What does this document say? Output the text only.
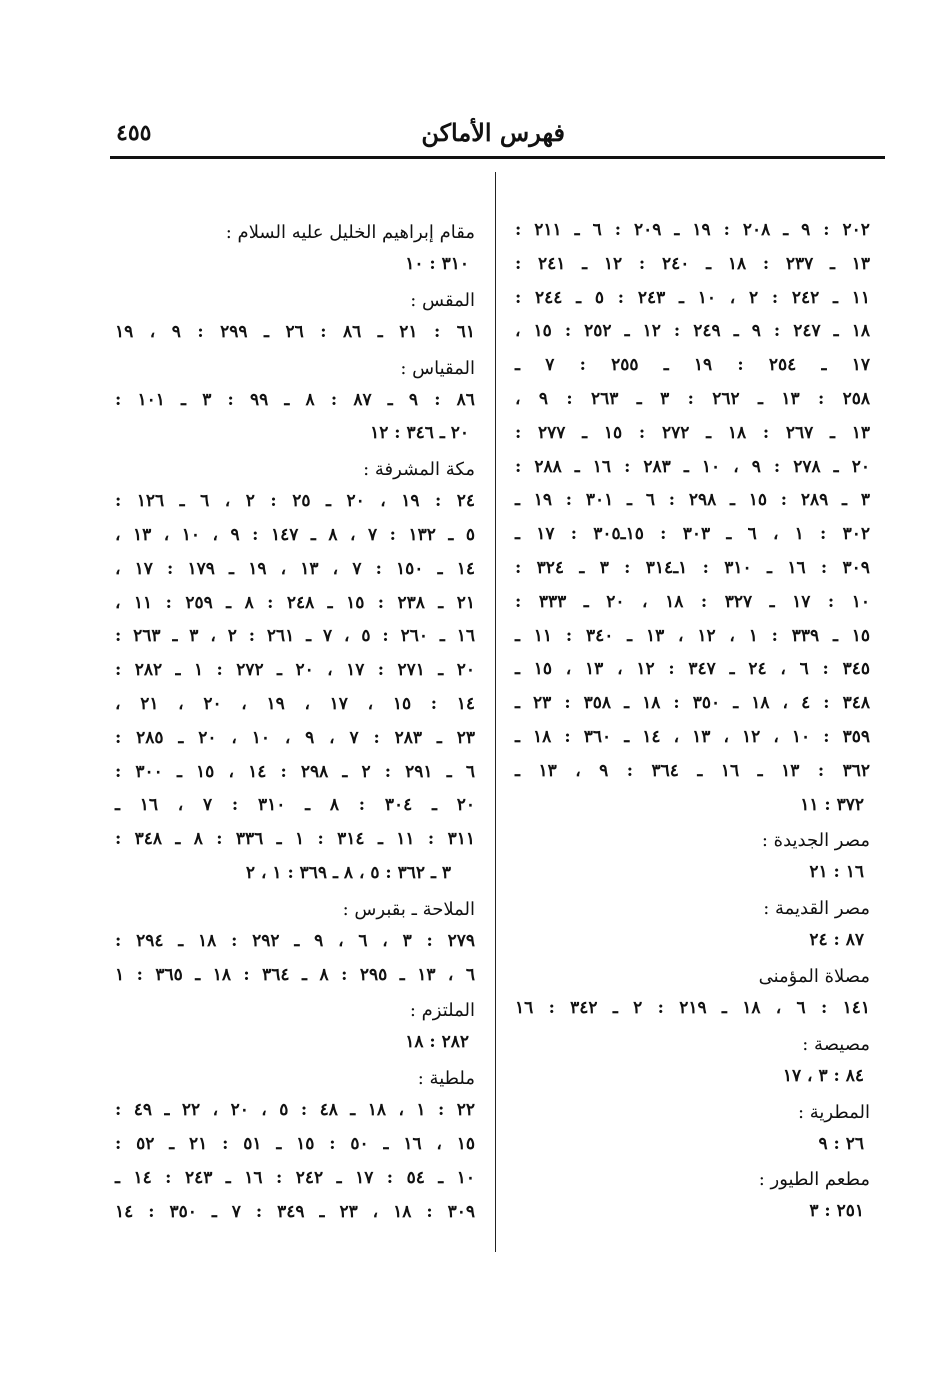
٤٥٥	فهرس الأماكن
٢٠٢ : ٩ ـ ٢٠٨ : ١٩ ـ ٢٠٩ : ٦ ـ ٢١١ :
١٣ ـ ٢٣٧ : ١٨ ـ ٢٤٠ : ١٢ ـ ٢٤١ :
١١ ـ ٢٤٢ : ٢ ، ١٠ ـ ٢٤٣ : ٥ ـ ٢٤٤ :
١٨ ـ ٢٤٧ : ٩ ـ ٢٤٩ : ١٢ ـ ٢٥٢ : ١٥ ،
١٧ ـ ٢٥٤ : ١٩ ـ ٢٥٥ : ٧ ـ
٢٥٨ : ١٣ ـ ٢٦٢ : ٣ ـ ٢٦٣ : ٩ ،
١٣ ـ ٢٦٧ : ١٨ ـ ٢٧٢ : ١٥ ـ ٢٧٧ :
٢٠ ـ ٢٧٨ : ٩ ، ١٠ ـ ٢٨٣ : ١٦ ـ ٢٨٨ :
٣ ـ ٢٨٩ : ١٥ ـ ٢٩٨ : ٦ ـ ٣٠١ : ١٩ ـ
٣٠٢ : ١ ، ٦ ـ ٣٠٣ : ١٥ـ٣٠٥ : ١٧ ـ
٣٠٩ : ١٦ ـ ٣١٠ : ١ـ٣١٤ : ٣ ـ ٣٢٤ :
١٠ : ١٧ ـ ٣٢٧ : ١٨ ، ٢٠ ـ ٣٣٣ :
١٥ ـ ٣٣٩ : ١ ، ١٢ ، ١٣ ـ ٣٤٠ : ١١ ـ
٣٤٥ : ٦ ، ٢٤ ـ ٣٤٧ : ١٢ ، ١٣ ، ١٥ ـ
٣٤٨ : ٤ ، ١٨ ـ ٣٥٠ : ١٨ ـ ٣٥٨ : ٢٣ ـ
٣٥٩ : ١٠ ، ١٢ ، ١٣ ، ١٤ ـ ٣٦٠ : ١٨ ـ
٣٦٢ : ١٣ ـ ١٦ ـ ٣٦٤ : ٩ ، ١٣ ـ
٣٧٢ : ١١
مصر الجديدة :
١٦ : ٢١
مصر القديمة :
٨٧ : ٢٤
مصلاة المؤمنى
١٤١ : ٦ ، ١٨ ـ ٢١٩ : ٢ ـ ٣٤٢ : ١٦
مصيصة :
٨٤ : ٣ ، ١٧
المطرية :
٢٦ : ٩
مطعم الطيور :
٢٥١ : ٣
مقام إبراهيم الخليل عليه السلام :
٣١٠ : ١٠
المقس :
٦١ : ٢١ ـ ٨٦ : ٢٦ ـ ٢٩٩ : ٩ ، ١٩
المقياس :
٨٦ : ٩ ـ ٨٧ : ٨ ـ ٩٩ : ٣ ـ ١٠١ :
٢٠ ـ ٣٤٦ : ١٢
مكة المشرفة :
٢٤ : ١٩ ، ٢٠ ـ ٢٥ : ٢ ، ٦ ـ ١٢٦ :
٥ ـ ١٣٢ : ٧ ، ٨ ـ ١٤٧ : ٩ ، ١٠ ، ١٣ ،
١٤ ـ ١٥٠ : ٧ ، ١٣ ، ١٩ ـ ١٧٩ : ١٧ ،
٢١ ـ ٢٣٨ : ١٥ ـ ٢٤٨ : ٨ ـ ٢٥٩ : ١١ ،
١٦ ـ ٢٦٠ : ٥ ، ٧ ـ ٢٦١ : ٢ ، ٣ ـ ٢٦٣ :
٢٠ ـ ٢٧١ : ١٧ ، ٢٠ ـ ٢٧٢ : ١ ـ ٢٨٢ :
١٤ : ١٥ ، ١٧ ، ١٩ ، ٢٠ ، ٢١ ،
٢٣ ـ ٢٨٣ : ٧ ، ٩ ، ١٠ ، ٢٠ ـ ٢٨٥ :
٦ ـ ٢٩١ : ٢ ـ ٢٩٨ : ١٤ ، ١٥ ـ ٣٠٠ :
٢٠ ـ ٣٠٤ : ٨ ـ ٣١٠ : ٧ ، ١٦ ـ
٣١١ : ١١ ـ ٣١٤ : ١ ـ ٣٣٦ : ٨ ـ ٣٤٨ :
٣ ـ ٣٦٢ : ٥ ، ٨ ـ ٣٦٩ : ١ ، ٢
الملاحة ـ بقبرس :
٢٧٩ : ٣ ، ٦ ، ٩ ـ ٢٩٢ : ١٨ ـ ٢٩٤ :
٦ ، ١٣ ـ ٢٩٥ : ٨ ـ ٣٦٤ : ١٨ ـ ٣٦٥ : ١
الملتزم :
٢٨٢ : ١٨
ملطية :
٢٢ : ١ ، ١٨ ـ ٤٨ : ٥ ، ٢٠ ، ٢٢ ـ ٤٩ :
١٥ ، ١٦ ـ ٥٠ : ١٥ ـ ٥١ : ٢١ ـ ٥٢ :
١٠ ـ ٥٤ : ١٧ ـ ٢٤٢ : ١٦ ـ ٢٤٣ : ١٤ ـ
٣٠٩ : ١٨ ، ٢٣ ـ ٣٤٩ : ٧ ـ ٣٥٠ : ١٤
